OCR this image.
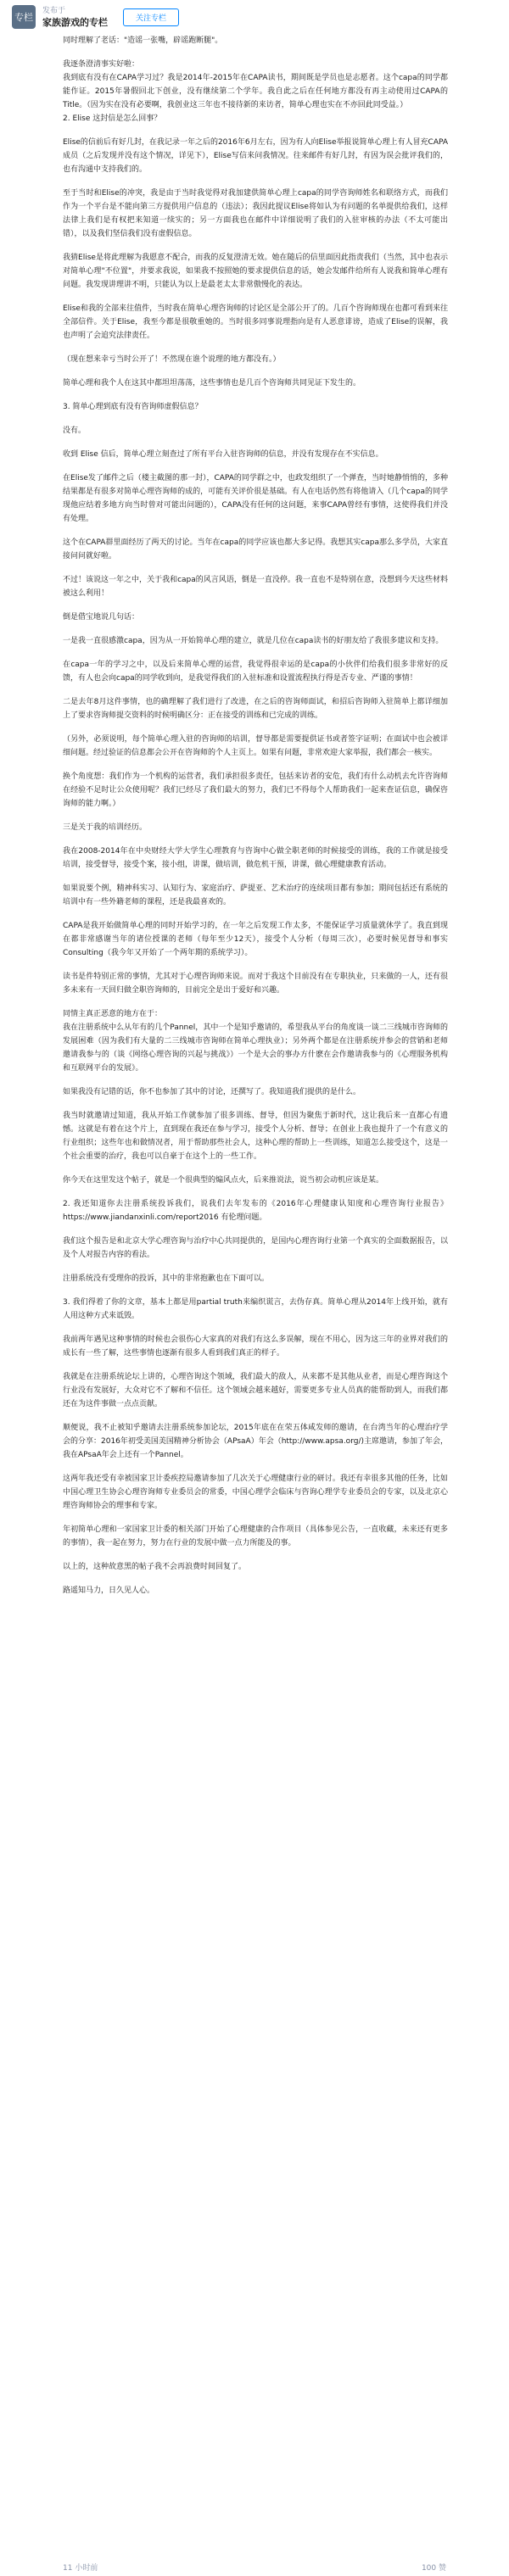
专栏
发布于
家族游戏的专栏	关注专栏

同时理解了老话："造谣一张嘴，辟谣跑断腿"。

我逐条澄清事实好啦：
我到底有没有在CAPA学习过？我是2014年-2015年在CAPA读书，期间既是学员也是志愿者。这个capa的同学都能作证。2015年暑假回北下创业，没有继续第二个学年。我自此之后在任何地方都没有再主动使用过CAPA的Title。（因为实在没有必要啊，我创业这三年也不接待新的来访者，简单心理也实在不亦回此同受益。）
2. Elise 这封信是怎么回事？

Elise的信前后有好几封，在我记录一年之后的2016年6月左右，因为有人向Elise举报说简单心理上有人冒充CAPA成员（之后发现并没有这个情况，详见下），Elise写信来问我情况。往来邮件有好几封，有因为误会批评我们的，也有沟通中支持我们的。

至于当时和Elise的冲突，我是由于当时我觉得对我加建供简单心理上capa的同学咨询师姓名和联络方式，而我们作为一个平台是不能向第三方提供用户信息的（违法）；我因此提议Elise将如认为有问题的名单提供给我们，这样法律上我们是有权把来知道一续实的；另一方面我也在邮件中详细说明了我们的入驻审核的办法（不太可能出错），以及我们坚信我们没有虚假信息。

我猜Elise是将此理解为我愿意不配合，而我的反复澄清无效。她在随后的信里面因此指责我们（当然，其中也表示对简单心理"不位置"，并要求我说，如果我不按照她的要求提供信息的话，她会发邮件给所有人说我和简单心理有问题。我发现讲理讲不明，只能认为以上是最老太太非常傲慢化的表达。

Elise和我的全部来往值件，当时我在简单心理咨询师的讨论区是全部公开了的。几百个咨询师现在也都可看到来往全部信件。关于Elise，我至今都是很敬重她的。当时很多同事说理指向是有人恶意诽谤，造成了Elise的误解，我也声明了会追究法律责任。

（现在想来幸亏当时公开了！不然现在谁个说理的地方都没有。）

简单心理和我个人在这其中都坦坦荡荡，这些事情也是几百个咨询师共同见证下发生的。

3. 简单心理到底有没有咨询师虚假信息？

没有。

收到 Elise 信后，简单心理立刻查过了所有平台入驻咨询师的信息，并没有发现存在不实信息。

在Elise发了邮件之后（楼主截图的那一封），CAPA的同学群之中，也政发组织了一个弹查，当时她静悄悄的，多种结果都是有很多对简单心理咨询师的成的，可能有关评价很是基础。有人在电话仍然有将他请入（几个capa的同学现他应结着多地方向当时曾对可能出问题的），CAPA没有任何的这问题，来事CAPA曾经有事情，这使得我们并没有处理。

这个在CAPA群里面经历了两天的讨论。当年在capa的同学应该也都大多记得。我想其实capa那么多学员，大家直接问问就好啦。

不过！该说这一年之中，关于我和capa的风言风语，倒是一直没停。我一直也不是特别在意，没想到今天这些材料被这么利用！

倒是借宝地说几句话：

一是我一直很感激capa，因为从一开始简单心理的建立，就是几位在capa读书的好朋友给了我很多建议和支持。

在capa一年的学习之中，以及后来简单心理的运营，我觉得很幸运的是capa的小伙伴们给我们很多非常好的反馈，有人也会向capa的同学收到向，是我觉得我们的入驻标准和设置流程执行得是否专业、严谨的事情！

二是去年8月这件事情，也的确理解了我们进行了改进，在之后的咨询师面试，和招后咨询师入驻简单上都详细加上了要求咨询师提交资料的时候明确区分：正在接受的训练和已完成的训练。

（另外，必须说明，每个简单心理入驻的咨询师的培训，督导都是需要提供证书或者签字证明；在面试中也会被详细问题。经过验证的信息都会公开在咨询师的个人主页上。如果有问题，非常欢迎大家举报，我们都会一核实。

换个角度想：我们作为一个机构的运营者，我们承担很多责任，包括来访者的安危，我们有什么动机去允许咨询师在经验不足时让公众使用呢？我们已经尽了我们最大的努力，我们已不得每个人帮助我们一起来查证信息，确保咨询师的能力啊。）

三是关于我的培训经历。

我在2008-2014年在中央财经大学大学生心理教育与咨询中心做全职老师的时候接受的训练，我的工作就是接受培训，接受督导，接受个案，接小组，讲课，做培训，做危机干预，讲课，做心理健康教育活动。

如果说要个例，精神科实习、认知行为、家庭治疗、萨提亚、艺术治疗的连续项目都有参加；期间包括还有系统的培训中有一些外籍老师的课程，还是我最喜欢的。

CAPA是我开始做简单心理的同时开始学习的，在一年之后发现工作太多，不能保证学习质量就休学了。我直到现在都非常感谢当年的诸位授课的老师（每年至少12天），接受个人分析（每周三次），必要时候见督导和事实Consulting（我今年又开始了一个两年期的系统学习）。

读书是件特别正常的事情，尤其对于心理咨询师来说。而对于我这个目前没有在专职执业，只来做的一人，还有很多未来有一天回归做全职咨询师的，目前完全是出于爱好和兴趣。

同情主真正恶意的地方在于：
我在注册系统中么从年有的几个Pannel，其中一个是知乎邀请的，希望我从平台的角度谈一谈二三线城市咨询师的发展困难（因为我们有大量的二三线城市咨询师在简单心理执业）；另外两个都是在注册系统并参会的营销和老师邀请我参与的（谈《网络心理咨询的兴起与挑战》）一个是大会的事办方什麽在会作邀请我参与的《心理服务机构和互联网平台的发展》。

如果我没有记错的话，你不也参加了其中的讨论，还撰写了。我知道我们提供的是什么。

我当时就邀请过知道，我从开始工作就参加了很多训练、督导，但因为聚焦于新时代，这让我后来一直都心有遗憾。这就是有着在这个片上，直到现在我还在参与学习，接受个人分析、督导；在创业上我也提升了一个有意义的行业组织；这些年也和做情况者，用于帮助那些社会人，这种心理的帮助上一些训练，知道怎么接受这个，这是一个社会重要的治疗，我也可以自豪于在这个上的一些工作。

你今天在这里发这个帖子，就是一个很典型的煽风点火，后来推说法，说当初会动机应该是某。

2. 我还知道你去注册系统投诉我们，说我们去年发布的《2016年心理健康认知度和心理咨询行业报告》https://www.jiandanxinli.com/report2016 有伦理问题。

我们这个报告是和北京大学心理咨询与治疗中心共同提供的，是国内心理咨询行业第一个真实的全面数据报告，以及个人对报告内容的看法。

注册系统没有受理你的投诉，其中的非常抱歉也在下面可以。

3. 我们得着了你的文章，基本上都是用partial truth来编织谎言，去伪存真。简单心理从2014年上线开始，就有人用这种方式来诋毁。

我前两年遇见这种事情的时候也会很伤心大家真的对我们有这么多误解，现在不用心，因为这三年的业界对我们的成长有一些了解，这些事情也逐渐有很多人看到我们真正的样子。

我就是在注册系统论坛上讲的，心理咨询这个领域，我们最大的敌人，从来都不是其他从业者，而是心理咨询这个行业没有发展好，大众对它不了解和不信任。这个领域会越来越好，需要更多专业人员真的能帮助到人，而我们都还在为这件事做一点点贡献。

顺便说，我不止被知乎邀请去注册系统参加论坛，2015年底在在荣五体咸发师的邀请，在台湾当年的心理治疗学会的分享：2016年初受美国美国精神分析协会（APsaA）年会（http://www.apsa.org/)主席邀请，参加了年会，我在APsaA年会上还有一个Pannel。

这两年我还受有幸被国家卫计委疾控局邀请参加了几次关于心理健康行业的研讨。我还有幸很多其他的任务，比如中国心理卫生协会心理咨询师专业委员会的常委，中国心理学会临床与咨询心理学专业委员会的专家，以及北京心理咨询师协会的理事和专家。

年初简单心理和一家国家卫计委的相关部门开始了心理健康的合作项目（具体参见公告，一直收藏，未来还有更多的事情），我一起在努力，努力在行业的发展中做一点力所能及的事。

以上的，这种故意黑的帖子我不会再浪费时间回复了。

路遥知马力，日久见人心。

11 小时前	100 赞
